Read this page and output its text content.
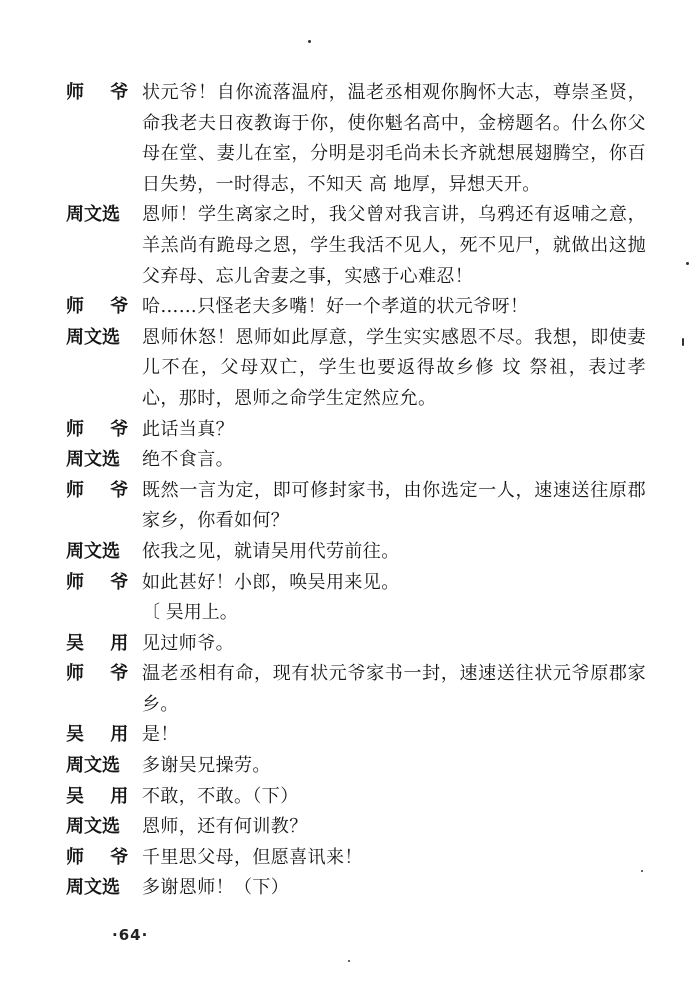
师 爷 状元爷！自你流落温府，温老丞相观你胸怀大志，尊崇圣贤，命我老夫日夜教诲于你，使你魁名高中，金榜题名。什么你父母在堂、妻儿在室，分明是羽毛尚未长齐就想展翅腾空，你百日失势，一时得志，不知天 高 地厚，异想天开。
周文选	恩师！学生离家之时，我父曾对我言讲，乌鸦还有返哺之意，羊羔尚有跪母之恩，学生我活不见人，死不见尸，就做出这抛父弃母、忘儿舍妻之事，实感于心难忍！
师 爷 哈……只怪老夫多嘴！好一个孝道的状元爷呀！
周文选	恩师休怒！恩师如此厚意，学生实实感恩不尽。我想，即使妻儿不在，父母双亡，学生也要返得故乡修 坟 祭祖，表过孝心，那时，恩师之命学生定然应允。
师 爷 此话当真？
周文选	绝不食言。
师 爷 既然一言为定，即可修封家书，由你选定一人，速速送往原郡家乡，你看如何？
周文选	依我之见，就请吴用代劳前往。
师 爷 如此甚好！小郎，唤吴用来见。
〔 吴用上。
吴 用 见过师爷。
师 爷 温老丞相有命，现有状元爷家书一封，速速送往状元爷原郡家乡。
吴 用 是！
周文选	多谢吴兄操劳。
吴 用 不敢，不敢。（下）
周文选	恩师，还有何训教？
师 爷 千里思父母，但愿喜讯来！
周文选	多谢恩师！（下）
·64·
